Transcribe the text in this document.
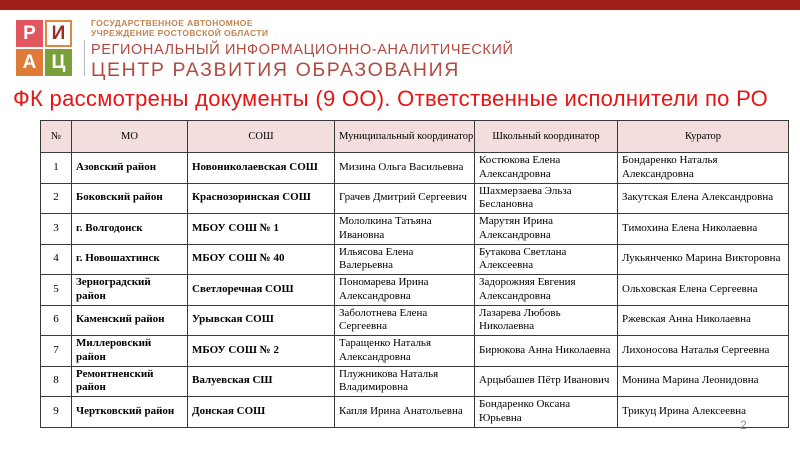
Р И
А Ц
ГОСУДАРСТВЕННОЕ АВТОНОМНОЕ
УЧРЕЖДЕНИЕ РОСТОВСКОЙ ОБЛАСТИ
РЕГИОНАЛЬНЫЙ ИНФОРМАЦИОННО-АНАЛИТИЧЕСКИЙ
ЦЕНТР РАЗВИТИЯ ОБРАЗОВАНИЯ
ФК рассмотрены документы (9 ОО). Ответственные исполнители по РО
№	МО	СОШ	Муниципальный координатор	Школьный координатор	Куратор
1	Азовский район	Новониколаевская СОШ	Мизина Ольга Васильевна	Костюкова Елена Александровна	Бондаренко Наталья Александровна
2	Боковский район	Краснозоринская СОШ	Грачев Дмитрий Сергеевич	Шахмерзаева Эльза Беслановна	Закутская Елена Александровна
3	г. Волгодонск	МБОУ СОШ № 1	Мололкина Татьяна Ивановна	Марутян Ирина Александровна	Тимохина Елена Николаевна
4	г. Новошахтинск	МБОУ СОШ № 40	Ильясова Елена Валерьевна	Бутакова Светлана Алексеевна	Лукьянченко Марина Викторовна
5	Зерноградский район	Светлоречная СОШ	Пономарева Ирина Александровна	Задорожняя Евгения Александровна	Ольховская Елена Сергеевна
6	Каменский район	Урывская СОШ	Заболотнева Елена Сергеевна	Лазарева Любовь Николаевна	Ржевская Анна Николаевна
7	Миллеровский район	МБОУ СОШ № 2	Таращенко Наталья Александровна	Бирюкова Анна Николаевна	Лихоносова Наталья Сергеевна
8	Ремонтненский район	Валуевская СШ	Плужникова Наталья Владимировна	Арцыбашев Пётр Иванович	Монина Марина Леонидовна
9	Чертковский район	Донская СОШ	Капля Ирина Анатольевна	Бондаренко Оксана Юрьевна	Трикуц Ирина Алексеевна
2
